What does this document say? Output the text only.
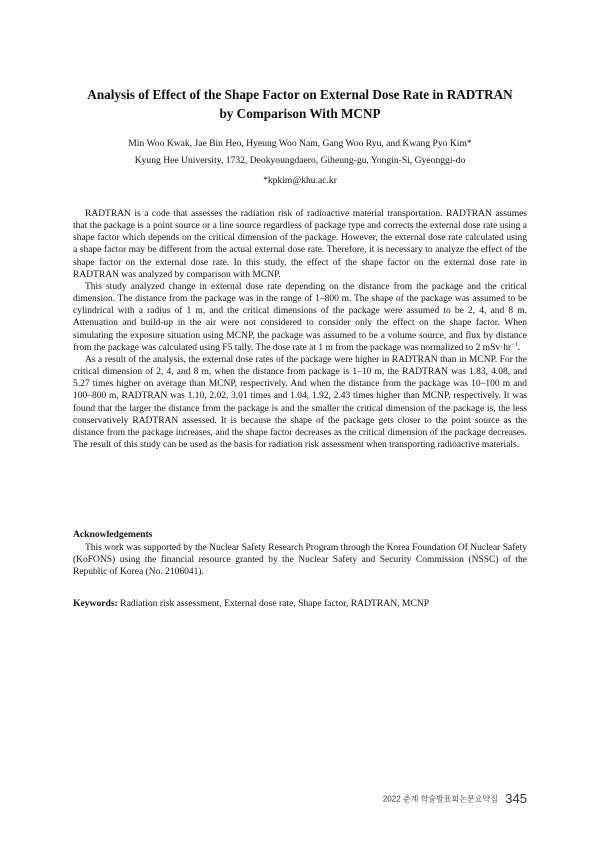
Analysis of Effect of the Shape Factor on External Dose Rate in RADTRAN
by Comparison With MCNP
Min Woo Kwak, Jae Bin Heo, Hyeung Woo Nam, Gang Woo Ryu, and Kwang Pyo Kim*
Kyung Hee University, 1732, Deokyoungdaero, Giheung-gu, Yongin-Si, Gyeonggi-do
*kpkim@khu.ac.kr

RADTRAN is a code that assesses the radiation risk of radioactive material transportation. RADTRAN assumes that the package is a point source or a line source regardless of package type and corrects the external dose rate using a shape factor which depends on the critical dimension of the package. However, the external dose rate calculated using a shape factor may be different from the actual external dose rate. Therefore, it is necessary to analyze the effect of the shape factor on the external dose rate. In this study, the effect of the shape factor on the external dose rate in RADTRAN was analyzed by comparison with MCNP.

This study analyzed change in external dose rate depending on the distance from the package and the critical dimension. The distance from the package was in the range of 1–800 m. The shape of the package was assumed to be cylindrical with a radius of 1 m, and the critical dimensions of the package were assumed to be 2, 4, and 8 m. Attenuation and build-up in the air were not considered to consider only the effect on the shape factor. When simulating the exposure situation using MCNP, the package was assumed to be a volume source, and flux by distance from the package was calculated using F5 tally. The dose rate at 1 m from the package was normalized to 2 $mSv\cdot hr^{-1}$.

As a result of the analysis, the external dose rates of the package were higher in RADTRAN than in MCNP. For the critical dimension of 2, 4, and 8 m, when the distance from package is 1–10 m, the RADTRAN was 1.83, 4.08, and 5.27 times higher on average than MCNP, respectively. And when the distance from the package was 10–100 m and 100–800 m, RADTRAN was 1.10, 2.02, 3.01 times and 1.04, 1.92, 2.43 times higher than MCNP, respectively. It was found that the larger the distance from the package is and the smaller the critical dimension of the package is, the less conservatively RADTRAN assessed. It is because the shape of the package gets closer to the point source as the distance from the package increases, and the shape factor decreases as the critical dimension of the package decreases. The result of this study can be used as the basis for radiation risk assessment when transporting radioactive materials.

Acknowledgements

This work was supported by the Nuclear Safety Research Program through the Korea Foundation Of Nuclear Safety (KoFONS) using the financial resource granted by the Nuclear Safety and Security Commission (NSSC) of the Republic of Korea (No. 2106041).

Keywords: Radiation risk assessment, External dose rate, Shape factor, RADTRAN, MCNP
2022 춘계 학술발표회논문요약집 345
